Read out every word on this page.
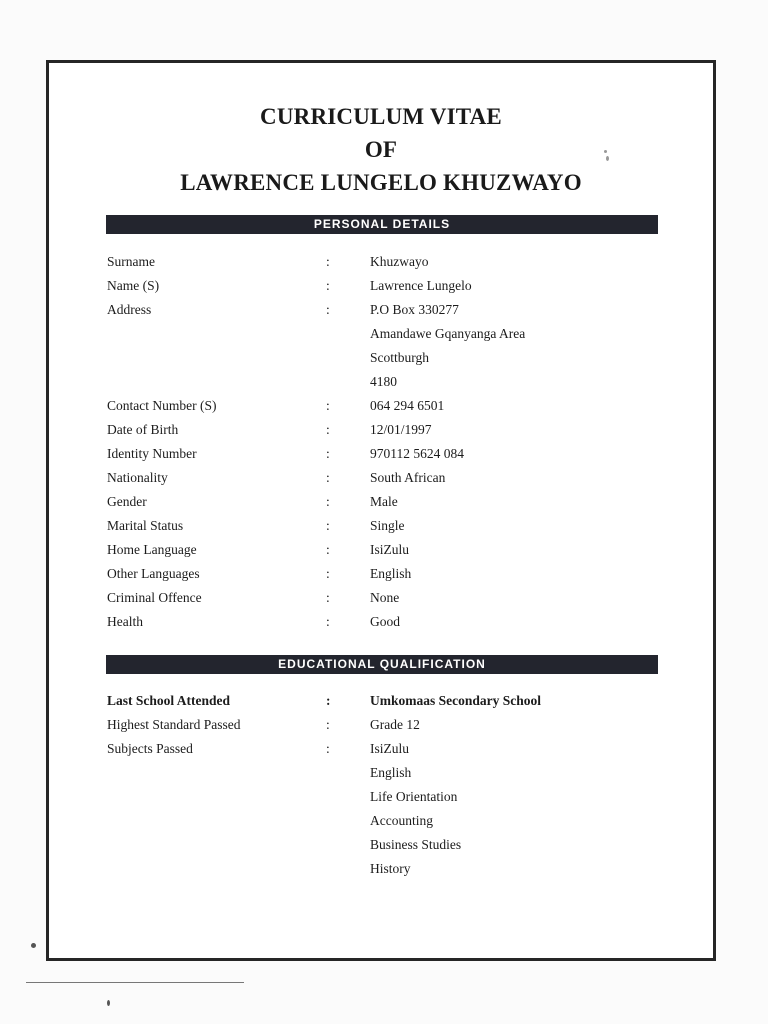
CURRICULUM VITAE
OF
LAWRENCE LUNGELO KHUZWAYO
PERSONAL DETAILS
Surname	:	Khuzwayo
Name (S)	:	Lawrence Lungelo
Address	:	P.O Box 330277
Amandawe Gqanyanga Area
Scottburgh
4180
Contact Number (S)	:	064 294 6501
Date of Birth	:	12/01/1997
Identity Number	:	970112 5624 084
Nationality	:	South African
Gender	:	Male
Marital Status	:	Single
Home Language	:	IsiZulu
Other Languages	:	English
Criminal Offence	:	None
Health	:	Good
EDUCATIONAL QUALIFICATION
Last School Attended	:	Umkomaas Secondary School
Highest Standard Passed	:	Grade 12
Subjects Passed	:	IsiZulu
English
Life Orientation
Accounting
Business Studies
History
